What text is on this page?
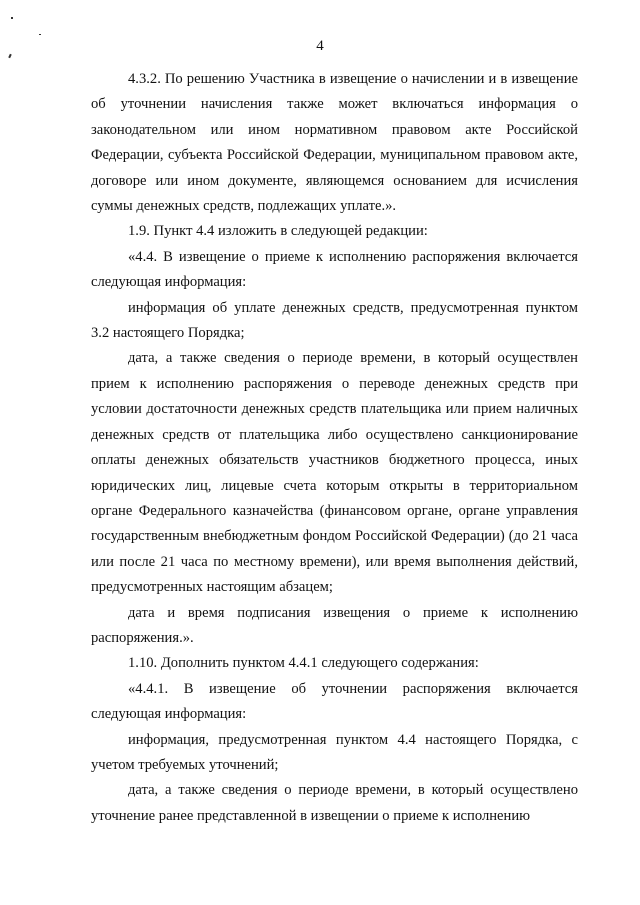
4

4.3.2. По решению Участника в извещение о начислении и в извещение об уточнении начисления также может включаться информация о законодательном или ином нормативном правовом акте Российской Федерации, субъекта Российской Федерации, муниципальном правовом акте, договоре или ином документе, являющемся основанием для исчисления суммы денежных средств, подлежащих уплате.».

1.9. Пункт 4.4 изложить в следующей редакции:

«4.4. В извещение о приеме к исполнению распоряжения включается следующая информация:

информация об уплате денежных средств, предусмотренная пунктом 3.2 настоящего Порядка;

дата, а также сведения о периоде времени, в который осуществлен прием к исполнению распоряжения о переводе денежных средств при условии достаточности денежных средств плательщика или прием наличных денежных средств от плательщика либо осуществлено санкционирование оплаты денежных обязательств участников бюджетного процесса, иных юридических лиц, лицевые счета которым открыты в территориальном органе Федерального казначейства (финансовом органе, органе управления государственным внебюджетным фондом Российской Федерации) (до 21 часа или после 21 часа по местному времени), или время выполнения действий, предусмотренных настоящим абзацем;

дата и время подписания извещения о приеме к исполнению распоряжения.».

1.10. Дополнить пунктом 4.4.1 следующего содержания:

«4.4.1. В извещение об уточнении распоряжения включается следующая информация:

информация, предусмотренная пунктом 4.4 настоящего Порядка, с учетом требуемых уточнений;

дата, а также сведения о периоде времени, в который осуществлено уточнение ранее представленной в извещении о приеме к исполнению
